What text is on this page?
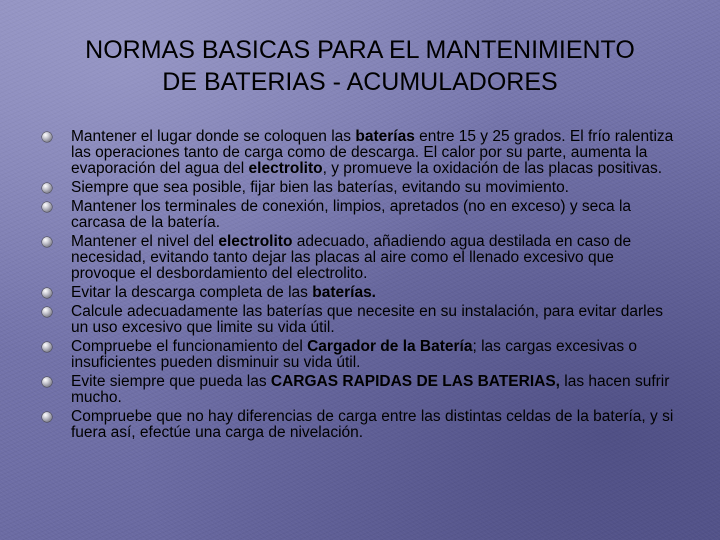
NORMAS BASICAS PARA EL MANTENIMIENTO
DE BATERIAS - ACUMULADORES
Mantener el lugar donde se coloquen las baterías entre 15 y 25 grados. El frío ralentiza las operaciones tanto de carga como de descarga. El calor por su parte, aumenta la evaporación del agua del electrolito, y promueve la oxidación de las placas positivas.
Siempre que sea posible, fijar bien las baterías, evitando su movimiento.
Mantener los terminales de conexión, limpios, apretados (no en exceso) y seca la carcasa de la batería.
Mantener el nivel del electrolito adecuado, añadiendo agua destilada en caso de necesidad, evitando tanto dejar las placas al aire como el llenado excesivo que provoque el desbordamiento del electrolito.
Evitar la descarga completa de las baterías.
Calcule adecuadamente las baterías que necesite en su instalación, para evitar darles un uso excesivo que limite su vida útil.
Compruebe el funcionamiento del Cargador de la Batería; las cargas excesivas o insuficientes pueden disminuir su vida útil.
Evite siempre que pueda las CARGAS RAPIDAS DE LAS BATERIAS, las hacen sufrir mucho.
Compruebe que no hay diferencias de carga entre las distintas celdas de la batería, y si fuera así, efectúe una carga de nivelación.
